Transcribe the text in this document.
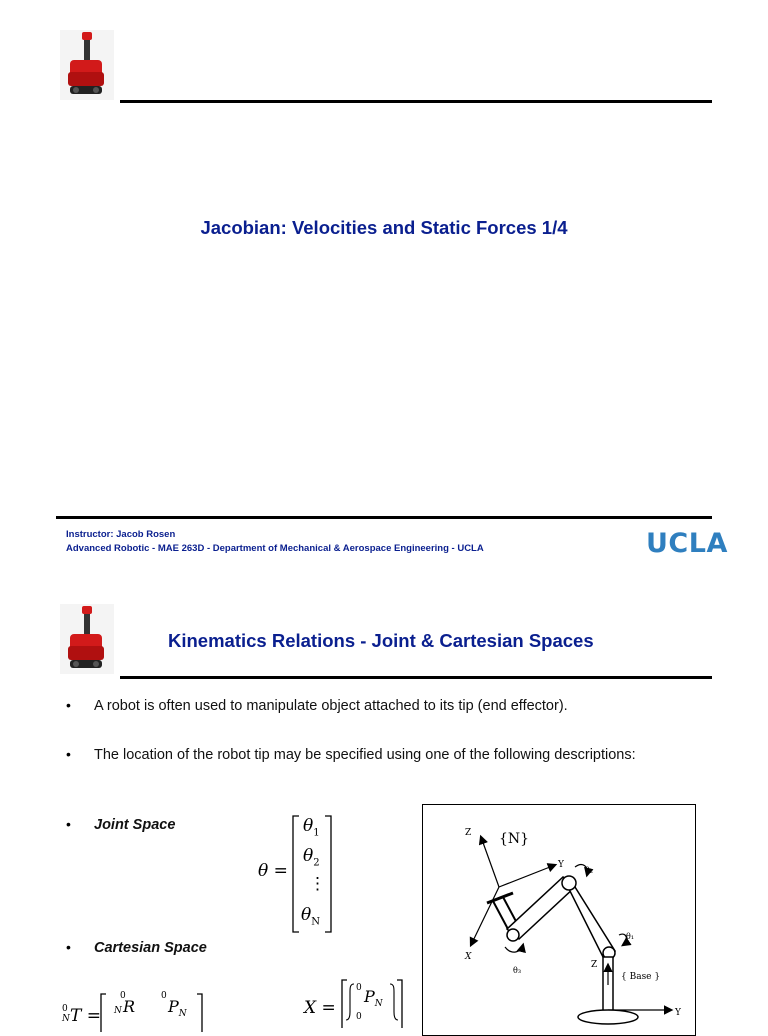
Jacobian: Velocities and Static Forces 1/4
Instructor: Jacob Rosen
Advanced Robotic - MAE 263D - Department of Mechanical & Aerospace Engineering - UCLA	UCLA
Kinematics Relations - Joint & Cartesian Spaces
• A robot is often used to manipulate object attached to its tip (end effector).
• The location of the robot tip may be specified using one of the following descriptions:
• Joint Space
• Cartesian Space
θ =
$\theta_1$
$\theta_2$
⋮
$\theta_N$
0
N T =
0
N R
0
$P_N$	X =
0 $P_N$
0
Z {N}
Y
X
θ₂
θ₁
θ₃
Z
{ Base }
Y
